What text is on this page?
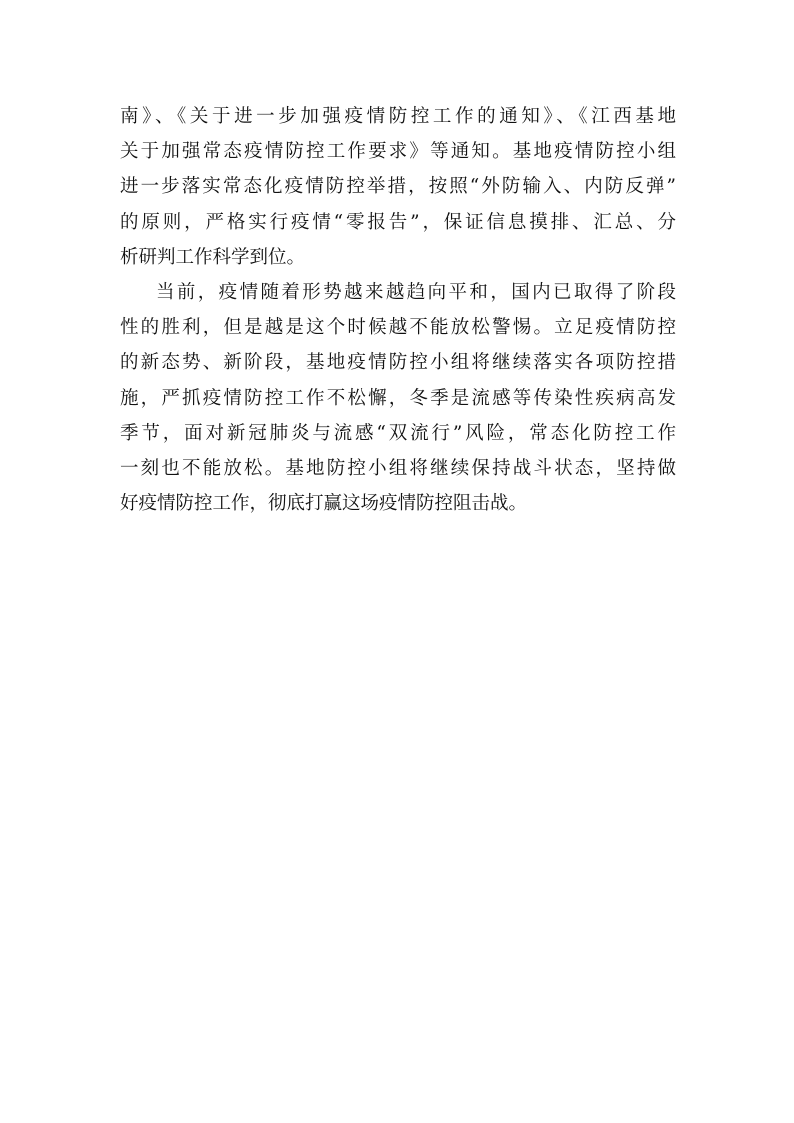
南》、《关于进一步加强疫情防控工作的通知》、《江西基地
关于加强常态疫情防控工作要求》等通知。基地疫情防控小组
进一步落实常态化疫情防控举措，按照“外防输入、内防反弹”
的原则，严格实行疫情“零报告”，保证信息摸排、汇总、分
析研判工作科学到位。
当前，疫情随着形势越来越趋向平和，国内已取得了阶段
性的胜利，但是越是这个时候越不能放松警惕。立足疫情防控
的新态势、新阶段，基地疫情防控小组将继续落实各项防控措
施，严抓疫情防控工作不松懈，冬季是流感等传染性疾病高发
季节，面对新冠肺炎与流感“双流行”风险，常态化防控工作
一刻也不能放松。基地防控小组将继续保持战斗状态，坚持做
好疫情防控工作，彻底打赢这场疫情防控阻击战。
